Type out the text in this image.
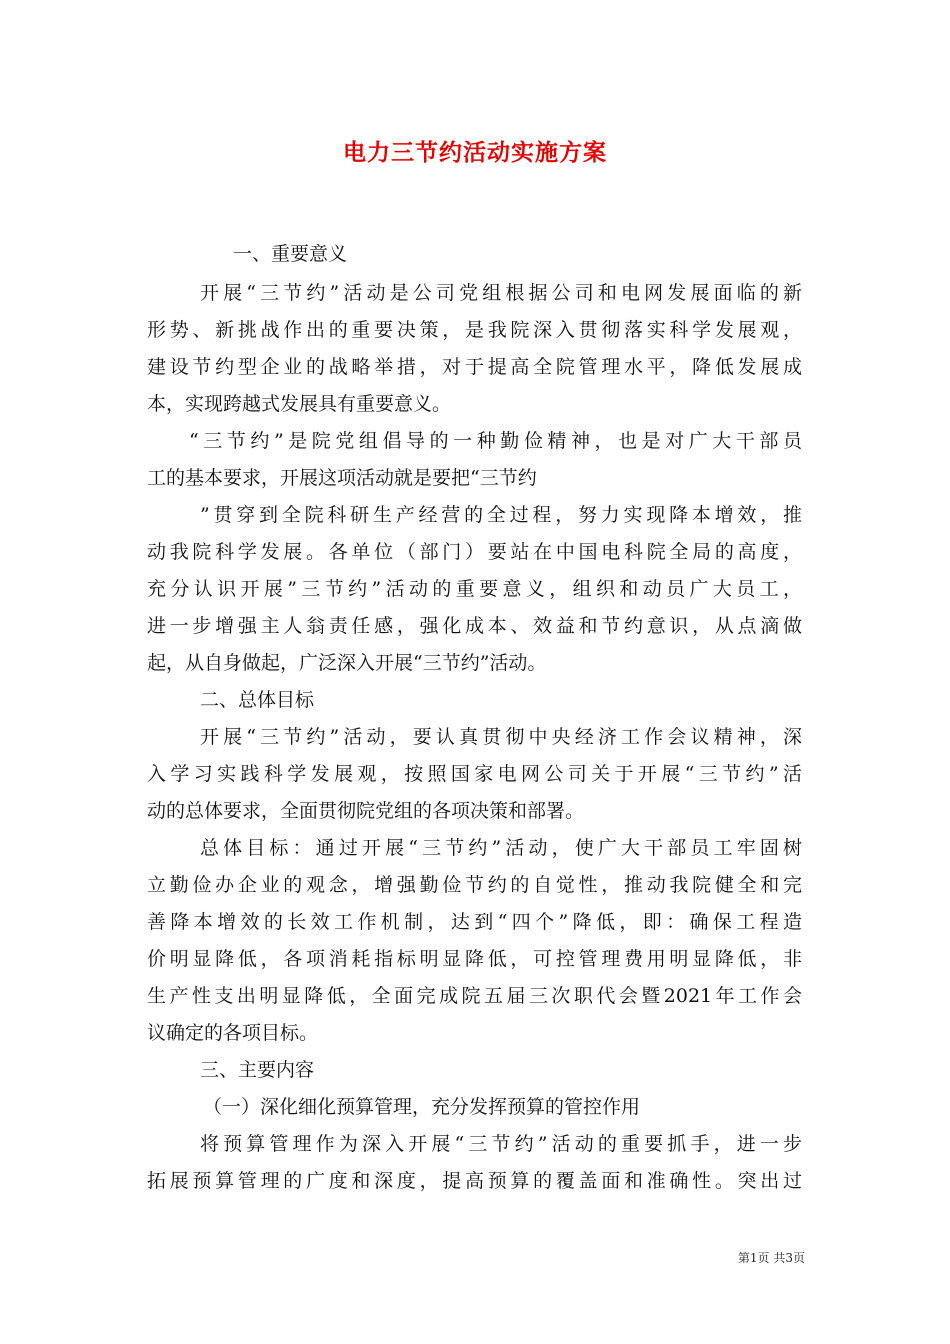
电力三节约活动实施方案
一、重要意义
开展“三节约”活动是公司党组根据公司和电网发展面临的新
形势、新挑战作出的重要决策，是我院深入贯彻落实科学发展观，
建设节约型企业的战略举措，对于提高全院管理水平，降低发展成
本，实现跨越式发展具有重要意义。
“三节约”是院党组倡导的一种勤俭精神，也是对广大干部员
工的基本要求，开展这项活动就是要把“三节约
”贯穿到全院科研生产经营的全过程，努力实现降本增效，推
动我院科学发展。各单位（部门）要站在中国电科院全局的高度，
充分认识开展”三节约”活动的重要意义，组织和动员广大员工，
进一步增强主人翁责任感，强化成本、效益和节约意识，从点滴做
起，从自身做起，广泛深入开展“三节约”活动。
二、总体目标
开展“三节约”活动，要认真贯彻中央经济工作会议精神，深
入学习实践科学发展观，按照国家电网公司关于开展“三节约”活
动的总体要求，全面贯彻院党组的各项决策和部署。
总体目标：通过开展“三节约”活动，使广大干部员工牢固树
立勤俭办企业的观念，增强勤俭节约的自觉性，推动我院健全和完
善降本增效的长效工作机制，达到“四个”降低，即：确保工程造
价明显降低，各项消耗指标明显降低，可控管理费用明显降低，非
生产性支出明显降低，全面完成院五届三次职代会暨2021年工作会
议确定的各项目标。
三、主要内容
（一）深化细化预算管理，充分发挥预算的管控作用
将预算管理作为深入开展“三节约”活动的重要抓手，进一步
拓展预算管理的广度和深度，提高预算的覆盖面和准确性。突出过
第1页 共3页
